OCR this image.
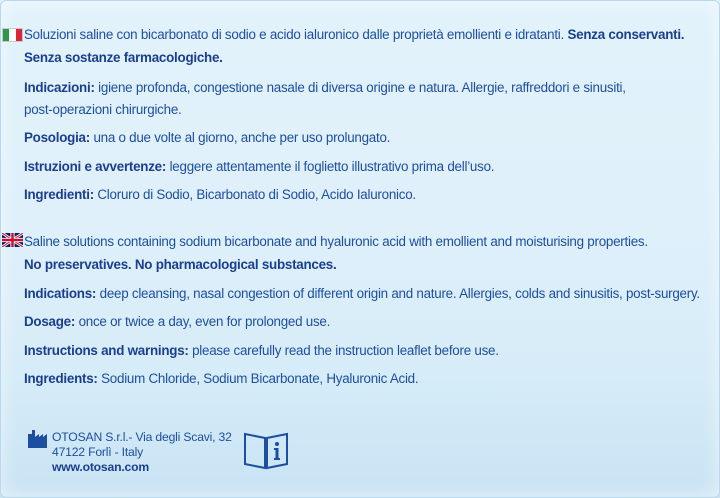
Soluzioni saline con bicarbonato di sodio e acido ialuronico dalle proprietà emollienti e idratanti. Senza conservanti.
Senza sostanze farmacologiche.
Indicazioni: igiene profonda, congestione nasale di diversa origine e natura. Allergie, raffreddori e sinusiti,
post-operazioni chirurgiche.
Posologia: una o due volte al giorno, anche per uso prolungato.
Istruzioni e avvertenze: leggere attentamente il foglietto illustrativo prima dell’uso.
Ingredienti: Cloruro di Sodio, Bicarbonato di Sodio, Acido Ialuronico.
Saline solutions containing sodium bicarbonate and hyaluronic acid with emollient and moisturising properties.
No preservatives. No pharmacological substances.
Indications: deep cleansing, nasal congestion of different origin and nature. Allergies, colds and sinusitis, post-surgery.
Dosage: once or twice a day, even for prolonged use.
Instructions and warnings: please carefully read the instruction leaflet before use.
Ingredients: Sodium Chloride, Sodium Bicarbonate, Hyaluronic Acid.
OTOSAN S.r.l.- Via degli Scavi, 32
47122 Forlì - Italy
www.otosan.com
